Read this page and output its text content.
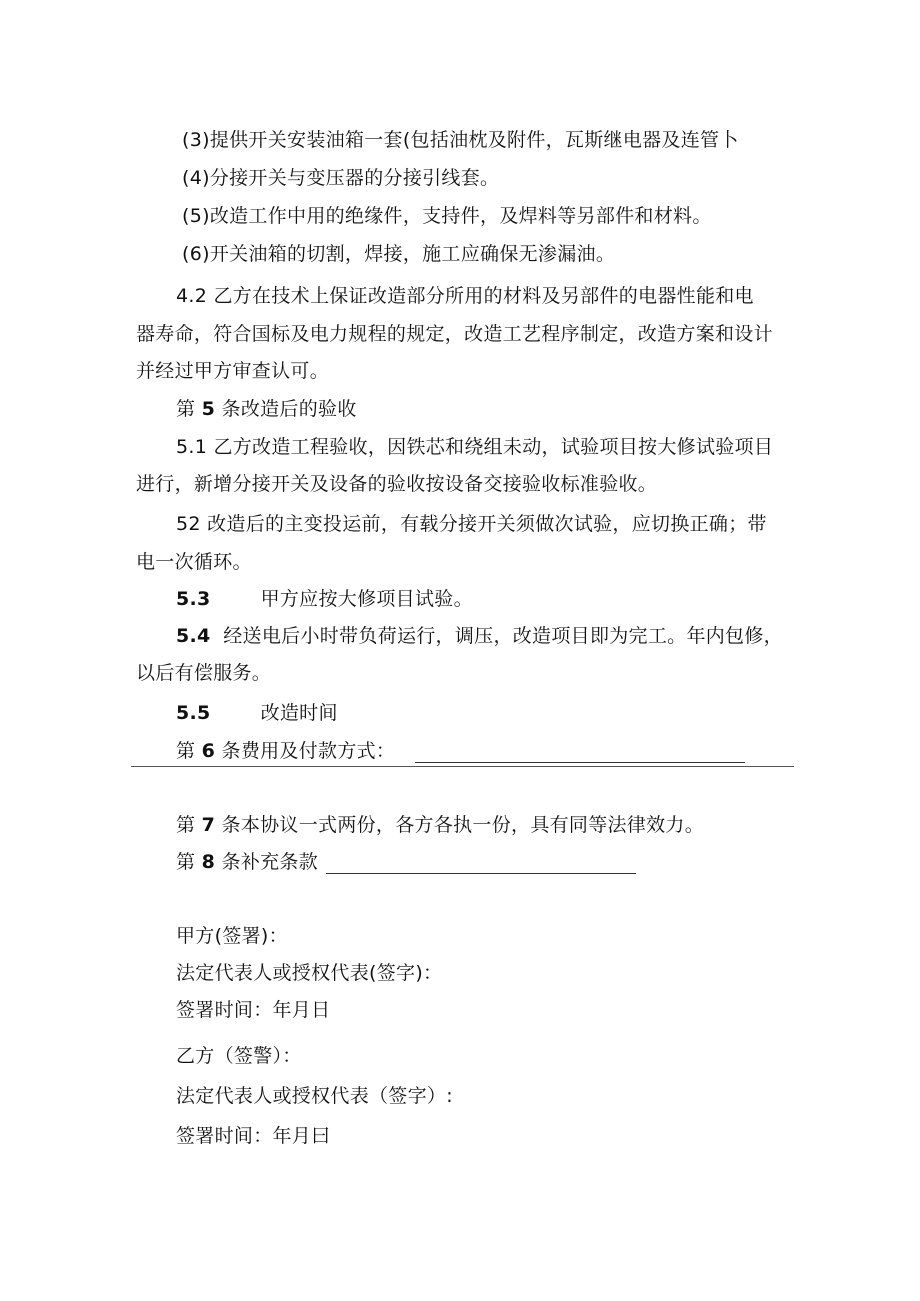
(3)提供开关安装油箱一套(包括油枕及附件，瓦斯继电器及连管卜
(4)分接开关与变压器的分接引线套。
(5)改造工作中用的绝缘件，支持件，及焊料等另部件和材料。
(6)开关油箱的切割，焊接，施工应确保无渗漏油。
4.2 乙方在技术上保证改造部分所用的材料及另部件的电器性能和电
器寿命，符合国标及电力规程的规定，改造工艺程序制定，改造方案和设计
并经过甲方审查认可。
第 5 条改造后的验收
5.1 乙方改造工程验收，因铁芯和绕组未动，试验项目按大修试验项目
进行，新增分接开关及设备的验收按设备交接验收标准验收。
52 改造后的主变投运前，有载分接开关须做次试验，应切换正确；带
电一次循环。
5.3	甲方应按大修项目试验。
5.4 经送电后小时带负荷运行，调压，改造项目即为完工。年内包修，
以后有偿服务。
5.5	改造时间
第 6 条费用及付款方式：
第 7 条本协议一式两份，各方各执一份，具有同等法律效力。
第 8 条补充条款
甲方(签署)：
法定代表人或授权代表(签字)：
签署时间：年月日
乙方（签警）：
法定代表人或授权代表（签字）:
签署时间：年月曰
